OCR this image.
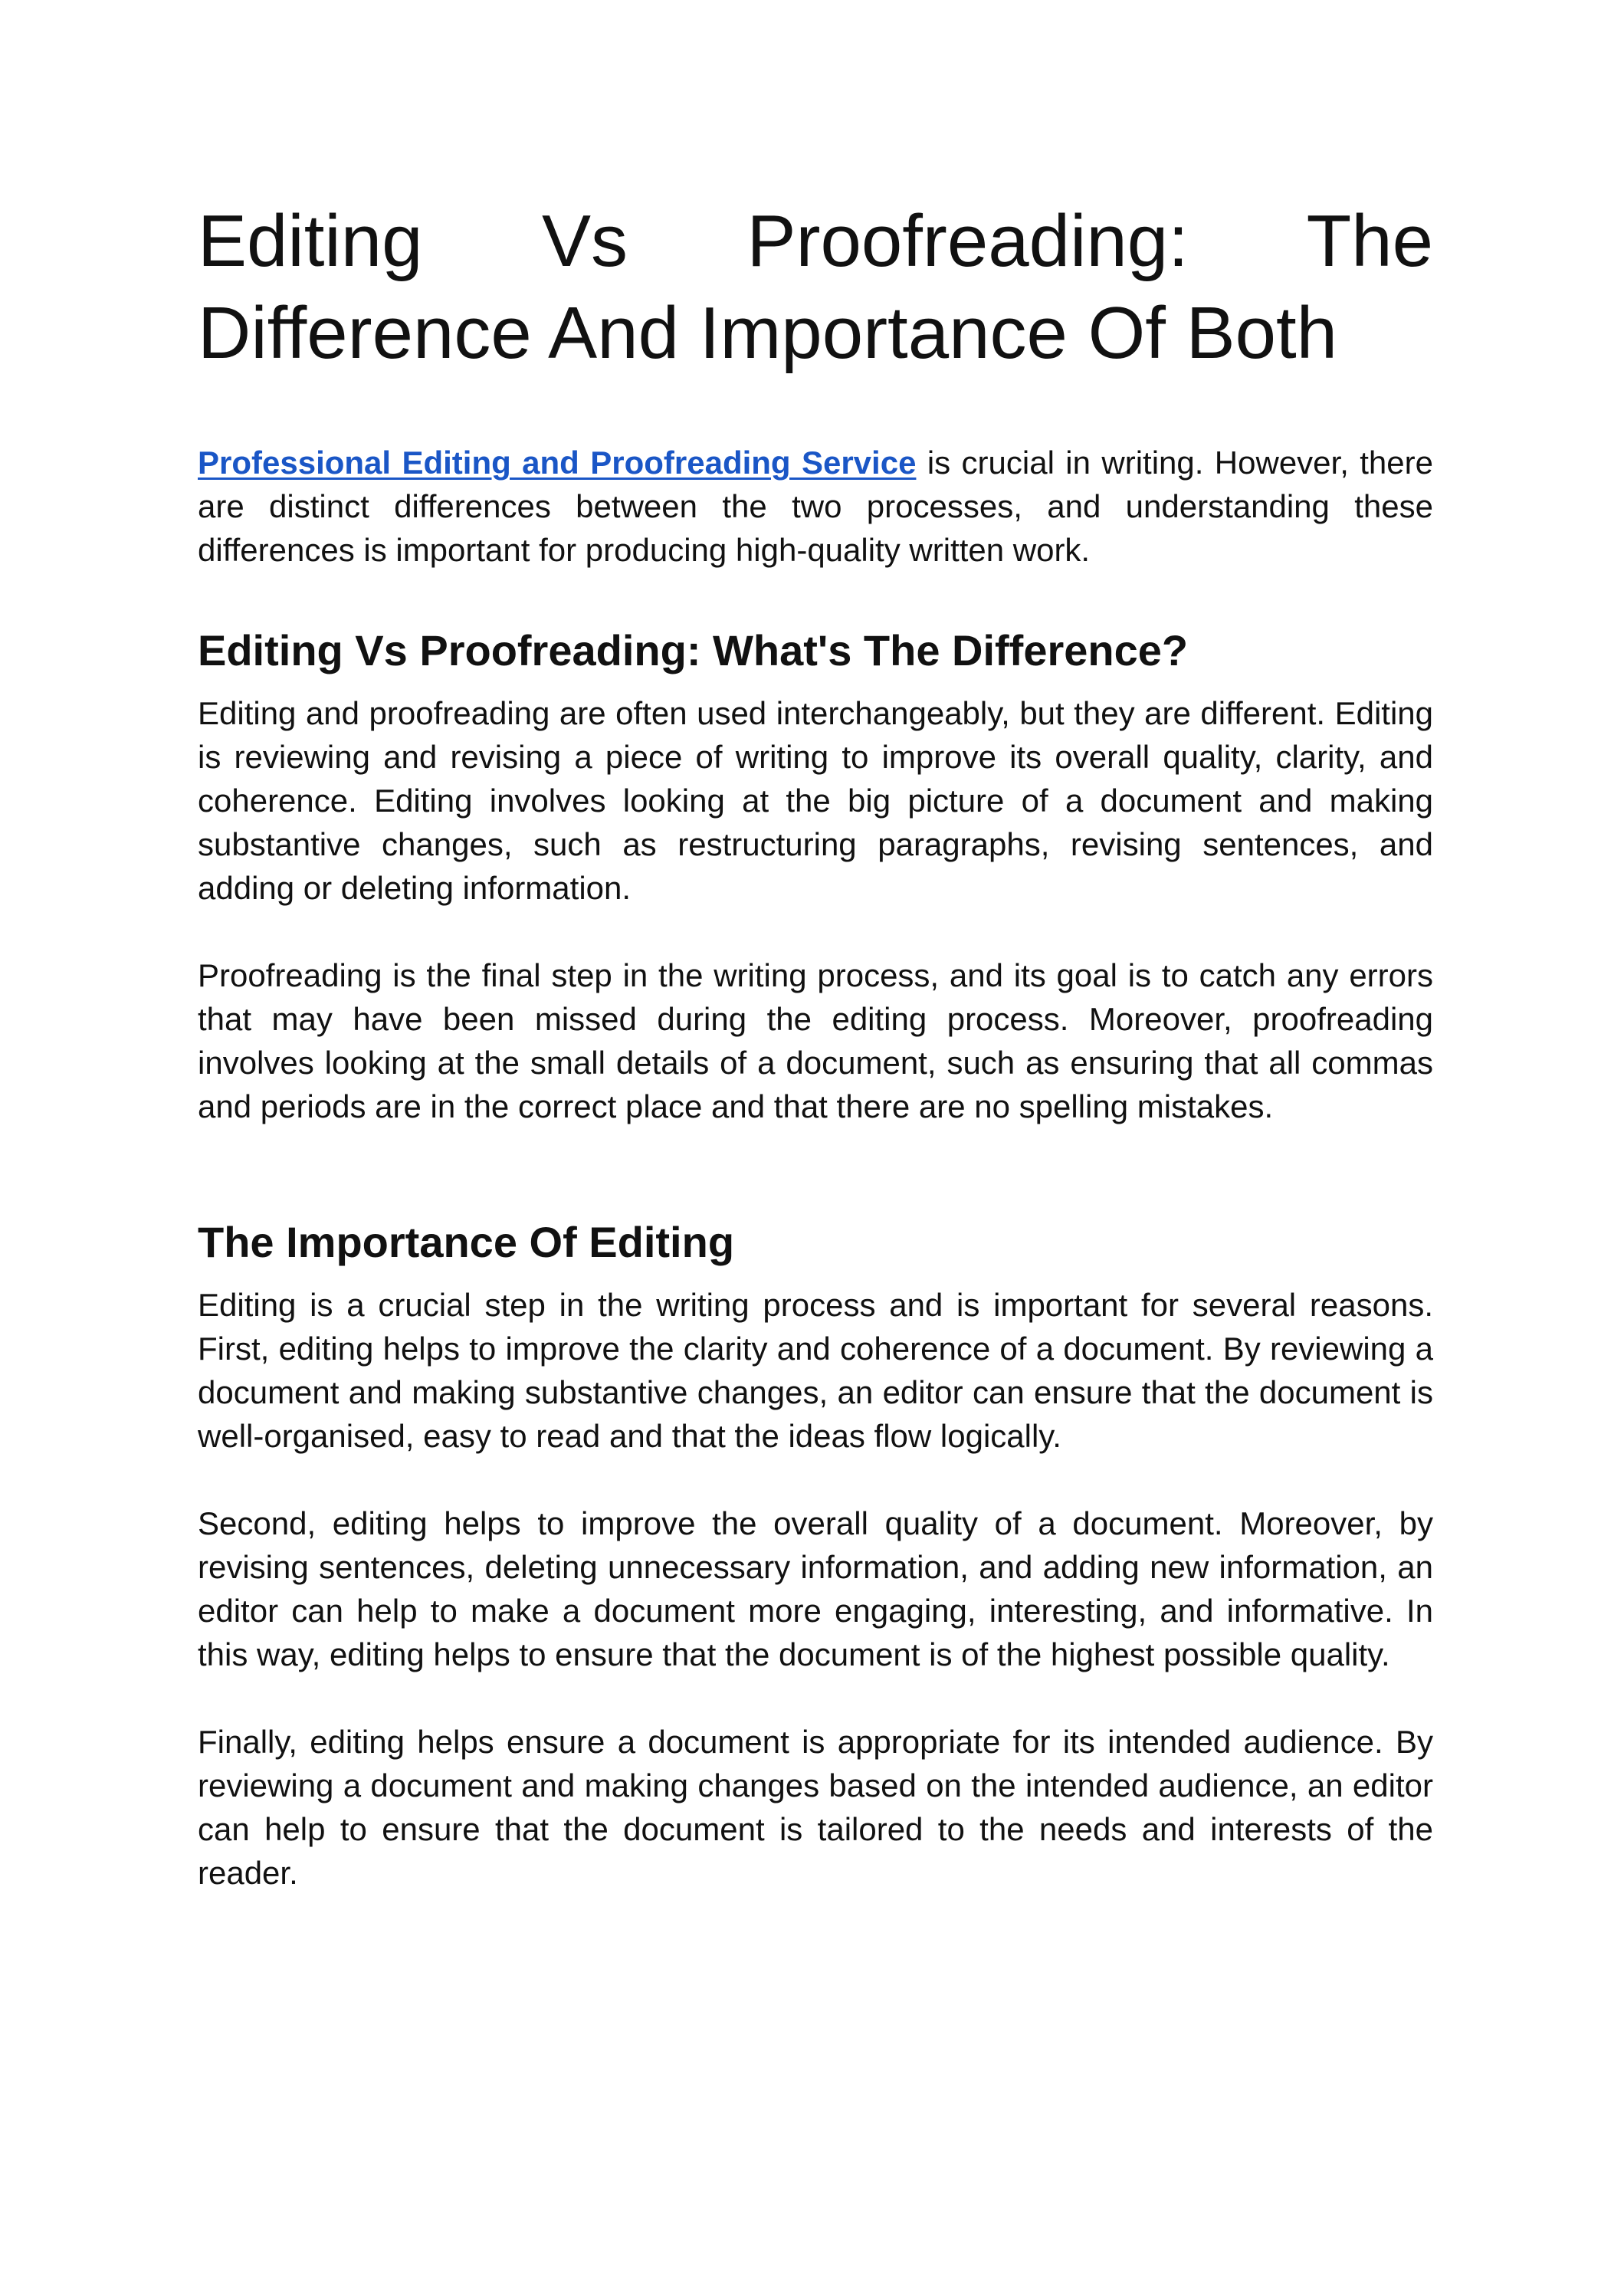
Editing Vs Proofreading: The
Difference And Importance Of Both

Professional Editing and Proofreading Service is crucial in writing. However, there are distinct differences between the two processes, and understanding these differences is important for producing high-quality written work.

Editing Vs Proofreading: What's The Difference?

Editing and proofreading are often used interchangeably, but they are different. Editing is reviewing and revising a piece of writing to improve its overall quality, clarity, and coherence. Editing involves looking at the big picture of a document and making substantive changes, such as restructuring paragraphs, revising sentences, and adding or deleting information.

Proofreading is the final step in the writing process, and its goal is to catch any errors that may have been missed during the editing process. Moreover, proofreading involves looking at the small details of a document, such as ensuring that all commas and periods are in the correct place and that there are no spelling mistakes.

The Importance Of Editing

Editing is a crucial step in the writing process and is important for several reasons. First, editing helps to improve the clarity and coherence of a document. By reviewing a document and making substantive changes, an editor can ensure that the document is well-organised, easy to read and that the ideas flow logically.

Second, editing helps to improve the overall quality of a document. Moreover, by revising sentences, deleting unnecessary information, and adding new information, an editor can help to make a document more engaging, interesting, and informative. In this way, editing helps to ensure that the document is of the highest possible quality.

Finally, editing helps ensure a document is appropriate for its intended audience. By reviewing a document and making changes based on the intended audience, an editor can help to ensure that the document is tailored to the needs and interests of the reader.
